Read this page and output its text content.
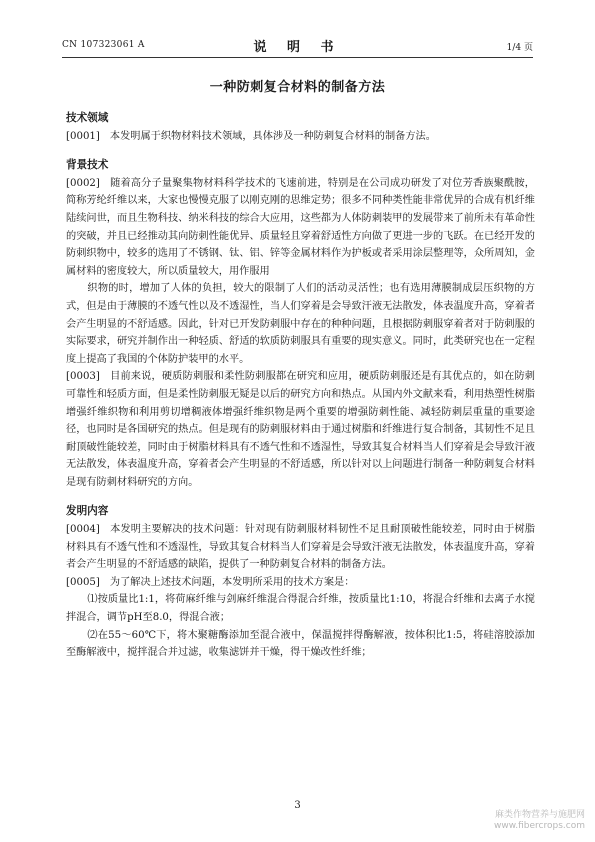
CN 107323061 A	说 明 书	1/4 页
一种防刺复合材料的制备方法

技术领域

[0001] 本发明属于织物材料技术领域，具体涉及一种防刺复合材料的制备方法。

背景技术

[0002] 随着高分子量聚集物材料科学技术的飞速前进，特别是在公司成功研发了对位芳香族聚酰胺，简称芳纶纤维以来，大家也慢慢克服了以刚克刚的思维定势；很多不同种类性能非常优异的合成有机纤维陆续问世，而且生物科技、纳米科技的综合大应用，这些都为人体防刺装甲的发展带来了前所未有革命性的突破，并且已经推动其向防刺性能优异、质量轻且穿着舒适性方向做了更进一步的飞跃。在已经开发的防刺织物中，较多的选用了不锈钢、钛、铝、锌等金属材料作为护板或者采用涂层整理等，众所周知，金属材料的密度较大，所以质量较大，用作服用

织物的时，增加了人体的负担，较大的限制了人们的活动灵活性；也有选用薄膜制成层压织物的方式，但是由于薄膜的不透气性以及不透湿性，当人们穿着是会导致汗液无法散发，体表温度升高，穿着者会产生明显的不舒适感。因此，针对已开发防刺服中存在的种种问题，且根据防刺服穿着者对于防刺服的实际要求，研究并制作出一种轻质、舒适的软质防刺服具有重要的现实意义。同时，此类研究也在一定程度上提高了我国的个体防护装甲的水平。

[0003] 目前来说，硬质防刺服和柔性防刺服都在研究和应用，硬质防刺服还是有其优点的，如在防刺可靠性和轻质方面，但是柔性防刺服无疑是以后的研究方向和热点。从国内外文献来看，利用热塑性树脂增强纤维织物和利用剪切增稠液体增强纤维织物是两个重要的增强防刺性能、减轻防刺层重量的重要途径，也同时是各国研究的热点。但是现有的防刺服材料由于通过树脂和纤维进行复合制备，其韧性不足且耐顶破性能较差，同时由于树脂材料具有不透气性和不透湿性，导致其复合材料当人们穿着是会导致汗液无法散发，体表温度升高，穿着者会产生明显的不舒适感，所以针对以上问题进行制备一种防刺复合材料是现有防刺材料研究的方向。

发明内容

[0004] 本发明主要解决的技术问题：针对现有防刺服材料韧性不足且耐顶破性能较差，同时由于树脂材料具有不透气性和不透湿性，导致其复合材料当人们穿着是会导致汗液无法散发，体表温度升高，穿着者会产生明显的不舒适感的缺陷，提供了一种防刺复合材料的制备方法。

[0005] 为了解决上述技术问题，本发明所采用的技术方案是：

⑴按质量比1:1，将荷麻纤维与剑麻纤维混合得混合纤维，按质量比1:10，将混合纤维和去离子水搅拌混合，调节pH至8.0，得混合液；

⑵在55～60℃下，将木聚糖酶添加至混合液中，保温搅拌得酶解液，按体积比1:5，将硅溶胶添加至酶解液中，搅拌混合并过滤，收集滤饼并干燥，得干燥改性纤维；

3
麻类作物营养与施肥网
www.fibercrops.com
